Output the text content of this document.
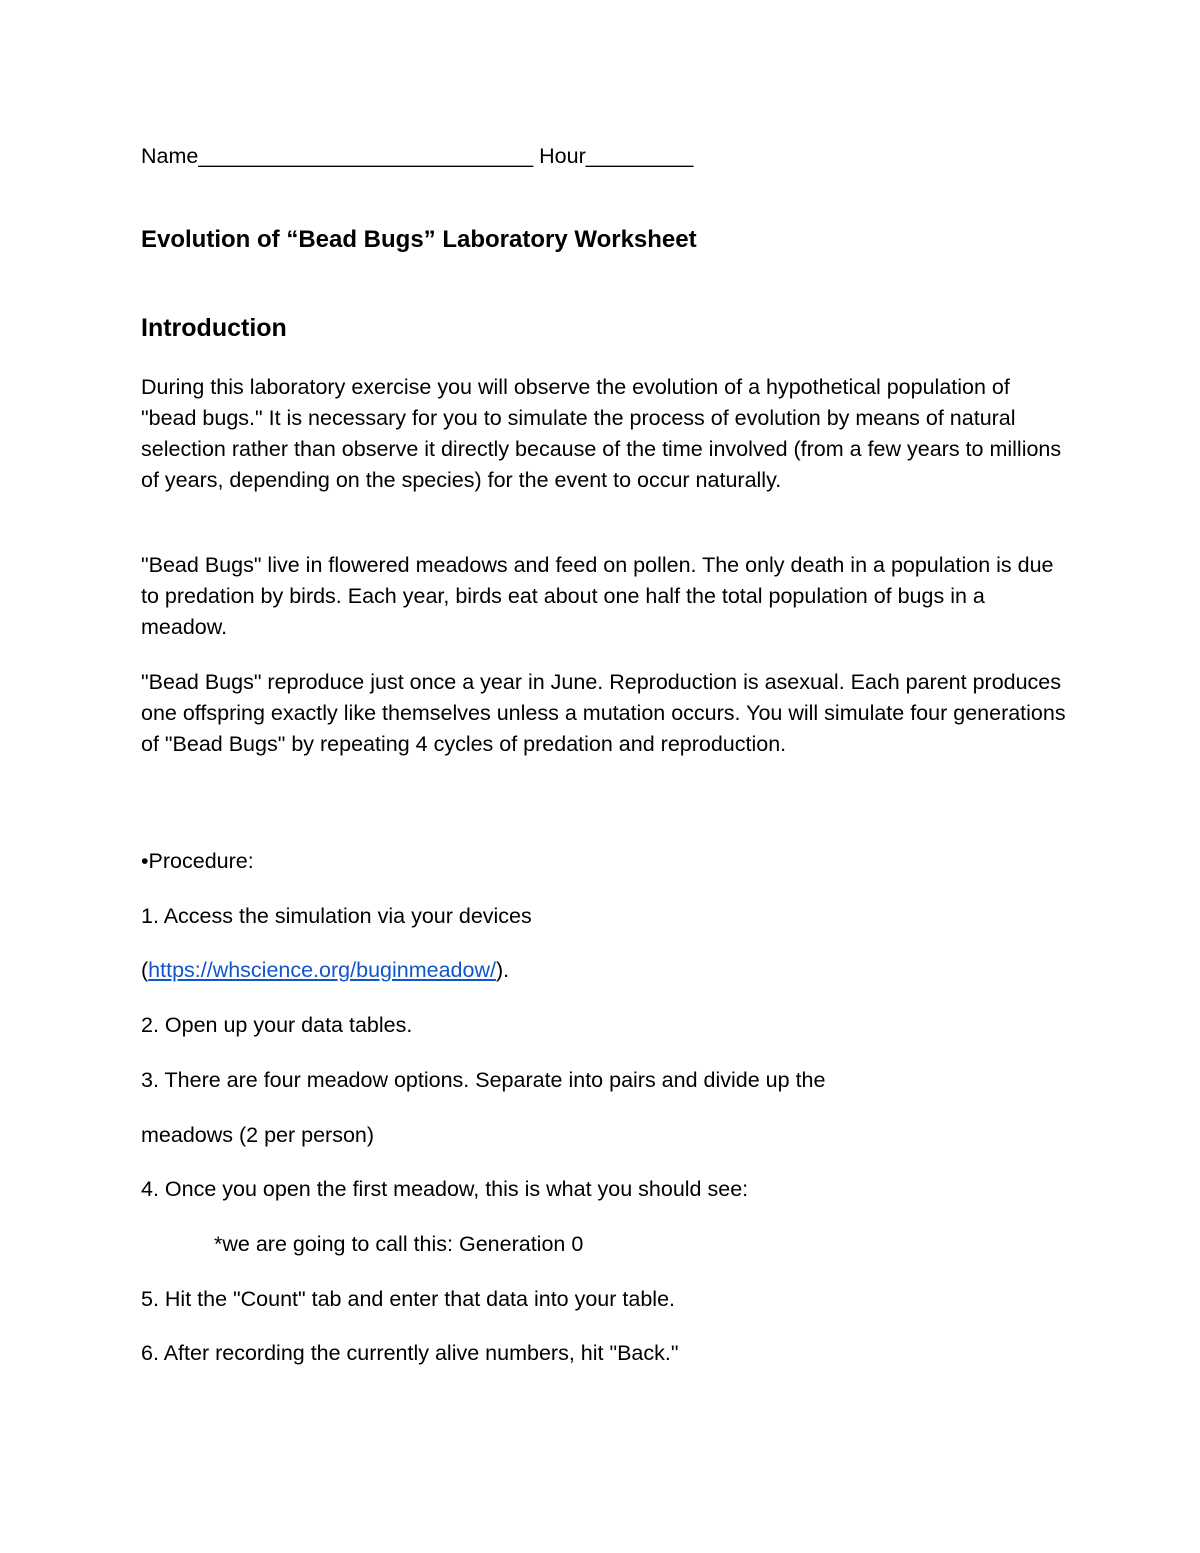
Name____________________________ Hour_________

Evolution of “Bead Bugs” Laboratory Worksheet

Introduction

During this laboratory exercise you will observe the evolution of a hypothetical population of "bead bugs." It is necessary for you to simulate the process of evolution by means of natural selection rather than observe it directly because of the time involved (from a few years to millions of years, depending on the species) for the event to occur naturally.

"Bead Bugs" live in flowered meadows and feed on pollen. The only death in a population is due to predation by birds. Each year, birds eat about one half the total population of bugs in a meadow.

"Bead Bugs" reproduce just once a year in June. Reproduction is asexual. Each parent produces one offspring exactly like themselves unless a mutation occurs. You will simulate four generations of "Bead Bugs" by repeating 4 cycles of predation and reproduction.

•Procedure:

1. Access the simulation via your devices

(https://whscience.org/buginmeadow/).

2. Open up your data tables.

3. There are four meadow options. Separate into pairs and divide up the

meadows (2 per person)

4. Once you open the first meadow, this is what you should see:

*we are going to call this: Generation 0

5. Hit the "Count" tab and enter that data into your table.

6. After recording the currently alive numbers, hit "Back."
